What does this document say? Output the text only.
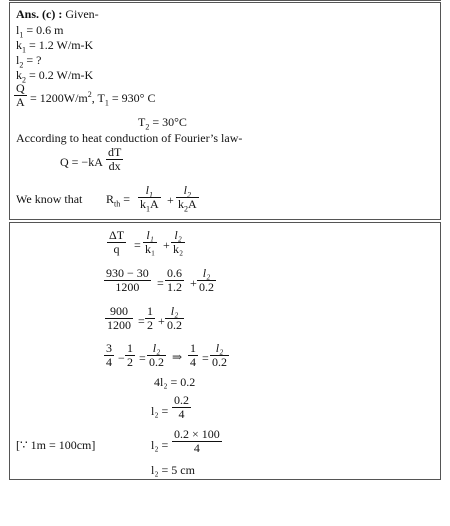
Ans. (c) : Given-
$l_1 = 0.6$ m
$k_1 = 1.2$ W/m-K
$l_2$ = ?
$k_2 = 0.2$ W/m-K
$\frac{Q}{A} = 1200W/m^2$, $T_1 = 930^\circ$ C
$T_2 = 30^\circ C$
According to heat conduction of Fourier’s law-
$Q = -kA \frac{dT}{dx}$
We know that $R_{th} = \frac{l_1}{k_1A} + \frac{l_2}{k_2A}$
$\frac{\Delta T}{q} = \frac{\text{l₁}}{\text{k₁}} + \frac{\text{l₂}}{\text{k₂}}$
$\frac{930 - 30}{1200} = \frac{0.6}{1.2} + \frac{\text{l₂}}{0.2}$
$\frac{900}{1200} = \frac{1}{2} + \frac{\text{l₂}}{0.2}$
$\frac{3}{4} - \frac{1}{2} = \frac{\text{l₂}}{0.2}$ ⇒ $\frac{1}{4} = \frac{\text{l₂}}{0.2}$
4l₂ = 0.2
$l_2 = \frac{0.2}{4}$
[∵ 1m = 100cm]	$l_2 = \frac{0.2 \times 100}{4}$
l₂ = 5 cm
